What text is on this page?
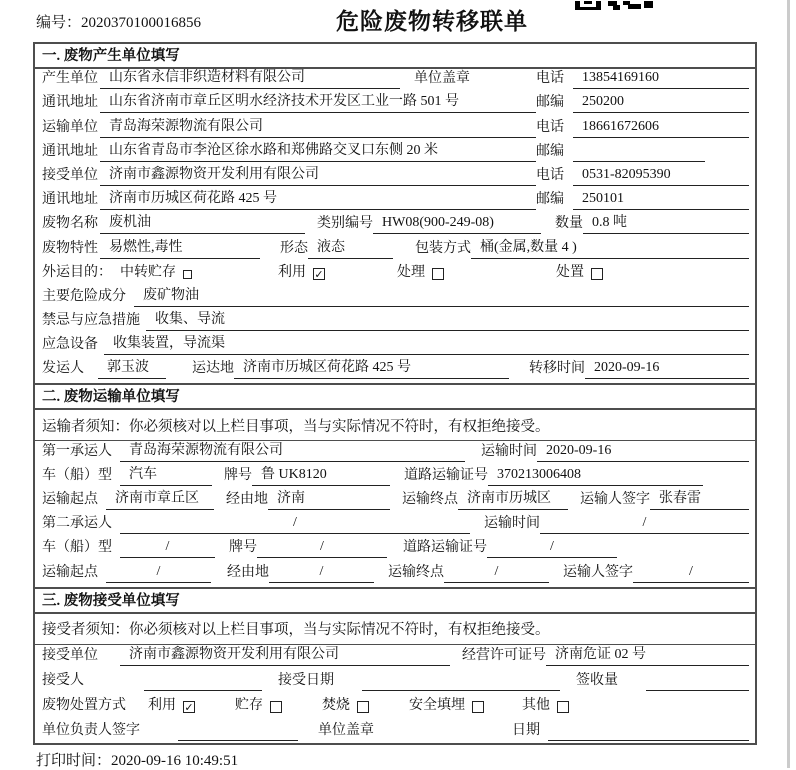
编号：2020370100016856	危险废物转移联单
一. 废物产生单位填写
产生单位 山东省永信非织造材料有限公司	单位盖章	电话	13854169160
通讯地址 山东省济南市章丘区明水经济技术开发区工业一路 501 号	邮编	250200
运输单位 青岛海荣源物流有限公司	电话	18661672606
通讯地址 山东省青岛市李沧区徐水路和郑佛路交叉口东侧 20 米	邮编
接受单位 济南市鑫源物资开发利用有限公司	电话	0531-82095390
通讯地址 济南市历城区荷花路 425 号	邮编	250101
废物名称 废机油	类别编号 HW08(900-249-08)	数量 0.8 吨
废物特性 易燃性,毒性	形态 液态	包装方式 桶(金属,数量 4 )
外运目的： 中转贮存	利用 ✓	处理	处置
主要危险成分	废矿物油
禁忌与应急措施	收集、导流
应急设备	收集装置，导流渠
发运人	郭玉波	运达地 济南市历城区荷花路 425 号	转移时间 2020-09-16
二. 废物运输单位填写
运输者须知：你必须核对以上栏目事项，当与实际情况不符时，有权拒绝接受。
第一承运人	青岛海荣源物流有限公司	运输时间 2020-09-16
车（船）型	汽车	牌号 鲁 UK8120	道路运输证号 370213006408
运输起点	济南市章丘区	经由地 济南	运输终点 济南市历城区	运输人签字 张春雷
第二承运人	/	运输时间	/
车（船）型	/	牌号	/	道路运输证号	/
运输起点	/	经由地	/	运输终点	/	运输人签字	/
三. 废物接受单位填写
接受者须知：你必须核对以上栏目事项，当与实际情况不符时，有权拒绝接受。
接受单位	济南市鑫源物资开发利用有限公司	经营许可证号 济南危证 02 号
接受人	接受日期	签收量
废物处置方式 利用 ✓	贮存	焚烧	安全填埋	其他
单位负责人签字	单位盖章	日期
打印时间：2020-09-16 10:49:51
